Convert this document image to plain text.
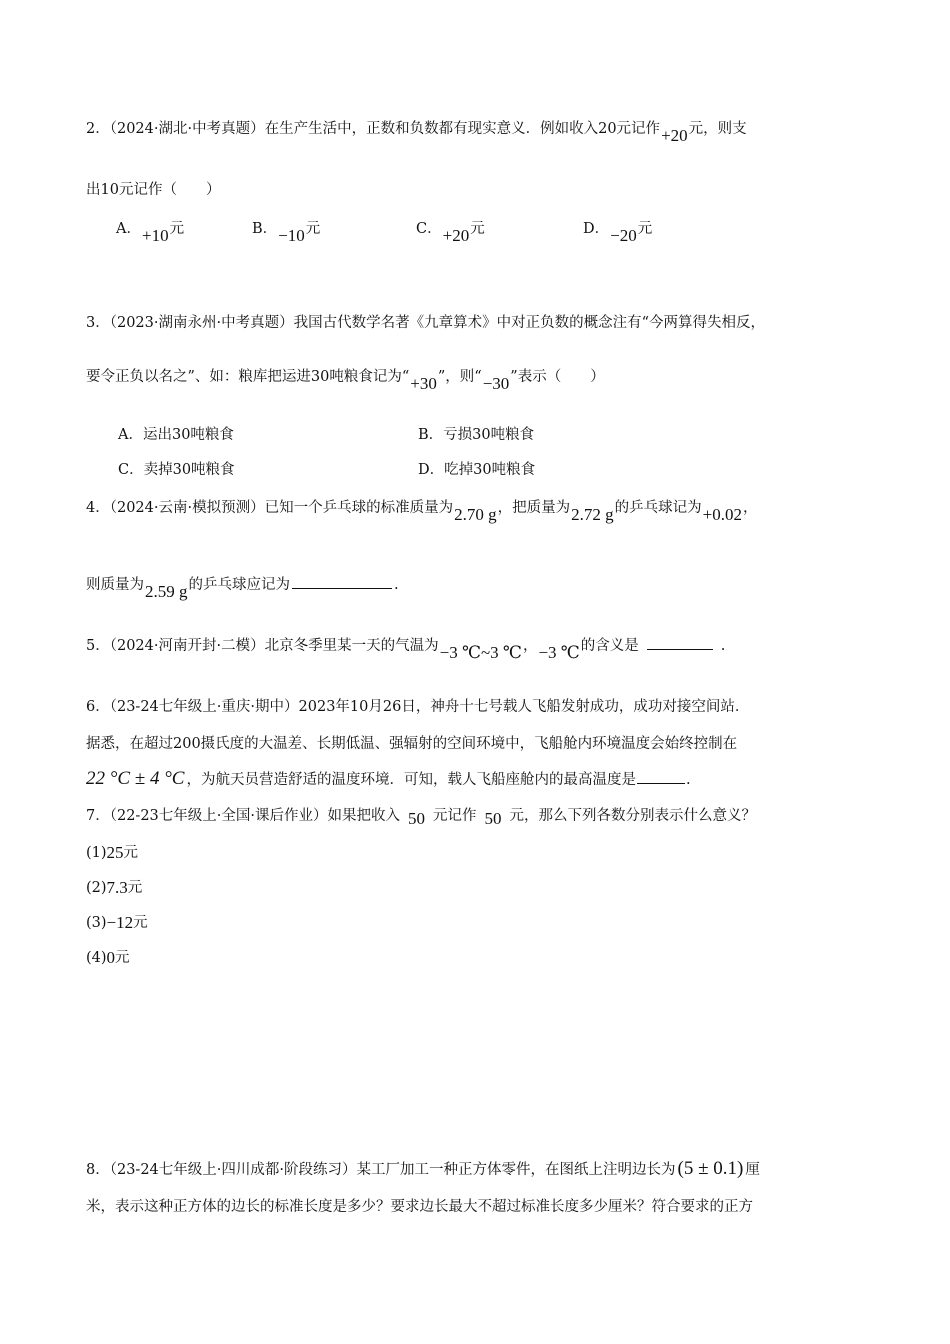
2．（2024·湖北·中考真题）在生产生活中，正数和负数都有现实意义．例如收入20元记作+20元，则支
出10元记作（　　）
A．+10元	B．−10元	C．+20元	D．−20元
3．（2023·湖南永州·中考真题）我国古代数学名著《九章算术》中对正负数的概念注有“今两算得失相反，
要令正负以名之”、如：粮库把运进30吨粮食记为“+30”，则“−30”表示（　　）
A．运出30吨粮食	B．亏损30吨粮食
C．卖掉30吨粮食	D．吃掉30吨粮食
4．（2024·云南·模拟预测）已知一个乒乓球的标准质量为2.70 g，把质量为2.72 g的乒乓球记为+0.02，
则质量为2.59 g的乒乓球应记为	.
5．（2024·河南开封·二模）北京冬季里某一天的气温为−3 ℃~3 ℃，−3 ℃的含义是	.
6．（23-24七年级上·重庆·期中）2023年10月26日，神舟十七号载人飞船发射成功，成功对接空间站．
据悉，在超过200摄氏度的大温差、长期低温、强辐射的空间环境中，飞船舱内环境温度会始终控制在
22 °C ± 4 °C ，为航天员营造舒适的温度环境．可知，载人飞船座舱内的最高温度是	.
7．（22-23七年级上·全国·课后作业）如果把收入 50 元记作 50 元，那么下列各数分别表示什么意义？
(1)25元
(2)7.3元
(3)−12元
(4)0元
8．（23-24七年级上·四川成都·阶段练习）某工厂加工一种正方体零件，在图纸上注明边长为 (5 ± 0.1) 厘
米，表示这种正方体的边长的标准长度是多少？要求边长最大不超过标准长度多少厘米？符合要求的正方
